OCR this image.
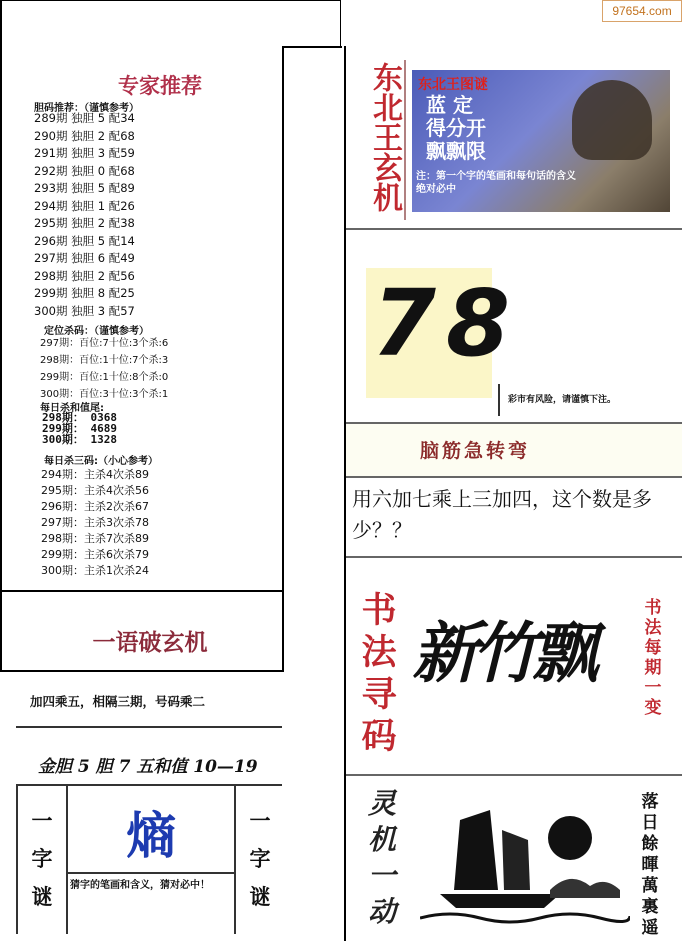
97654.com
专家推荐
胆码推荐：（谨慎参考）
289期 独胆 5 配34
290期 独胆 2 配68
291期 独胆 3 配59
292期 独胆 0 配68
293期 独胆 5 配89
294期 独胆 1 配26
295期 独胆 2 配38
296期 独胆 5 配14
297期 独胆 6 配49
298期 独胆 2 配56
299期 独胆 8 配25
300期 独胆 3 配57
定位杀码：（谨慎参考）
297期：百位:7十位:3个杀:6
298期：百位:1十位:7个杀:3
299期：百位:1十位:8个杀:0
300期：百位:3十位:3个杀:1
每日杀和值尾:
298期： 0368
299期： 4689
300期： 1328
每日杀三码:（小心参考）
294期：主杀4次杀89
295期：主杀4次杀56
296期：主杀2次杀67
297期：主杀3次杀78
298期：主杀7次杀89
299期：主杀6次杀79
300期：主杀1次杀24
一语破玄机
加四乘五，相隔三期，号码乘二
金胆 5 胆 7 五和值 10—19
一
字
谜
一
字
谜
熵
猜字的笔画和含义，猜对必中！
东北王玄机 东北王图谜
蓝 定
得分开
飘飘限
注：第一个字的笔画和每句话的含义绝对必中
7 8
彩市有风险，请谨慎下注。
脑筋急转弯
用六加七乘上三加四，这个数是多少？？
书
法
寻
码
新竹飘
书
法
每
期
一
变
灵
机
一
动
落
日
餘
暉
萬
裏
遥
